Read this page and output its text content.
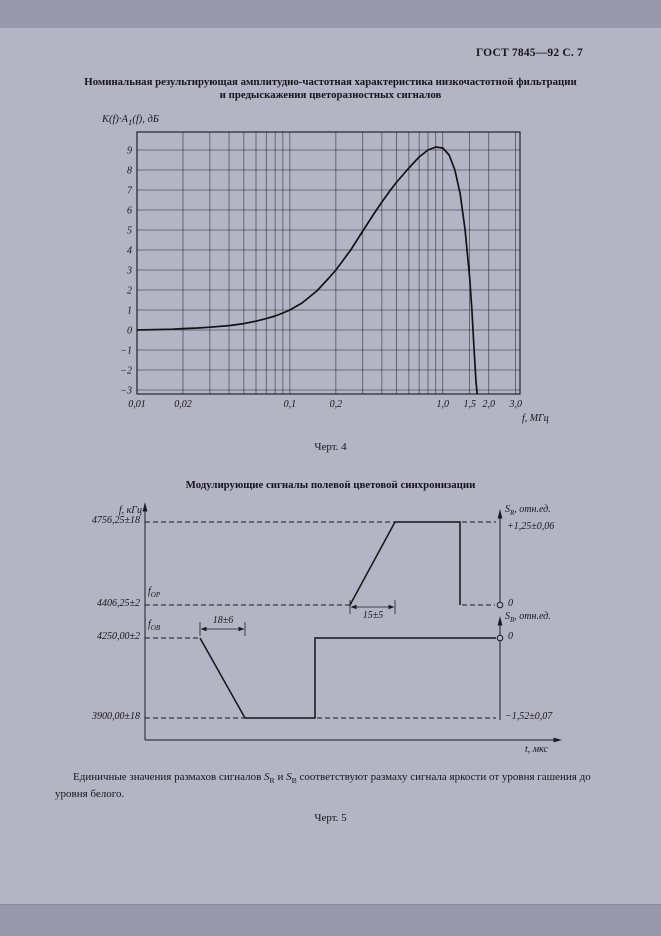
ГОСТ 7845—92 С. 7
Номинальная результирующая амплитудно-частотная характеристика низкочастотной фильтрации
и предыскажения цветоразностных сигналов
$K(f)\cdot A_1(f)$, дБ
9
8
7
6
5
4
3
2
1
0
−1
−2
−3
0,01	0,02	0,1	0,2	1,0 1,5 2,0 3,0
f, МГц
Черт. 4
Модулирующие сигналы полевой цветовой синхронизации
f, кГц
4756,25±18
$f_{ОР}$
4406,25±2
$f_{ОВ}$
4250,00±2
3900,00±18
$S_R$, отн.ед.
+1,25±0,06
0
$S_B$, отн.ед.
0
−1,52±0,07
18±6	15±5
t, мкс

Единичные значения размахов сигналов $S_R$ и $S_B$ соответствуют размаху сигнала яркости от уровня гашения до уровня белого.

Черт. 5
